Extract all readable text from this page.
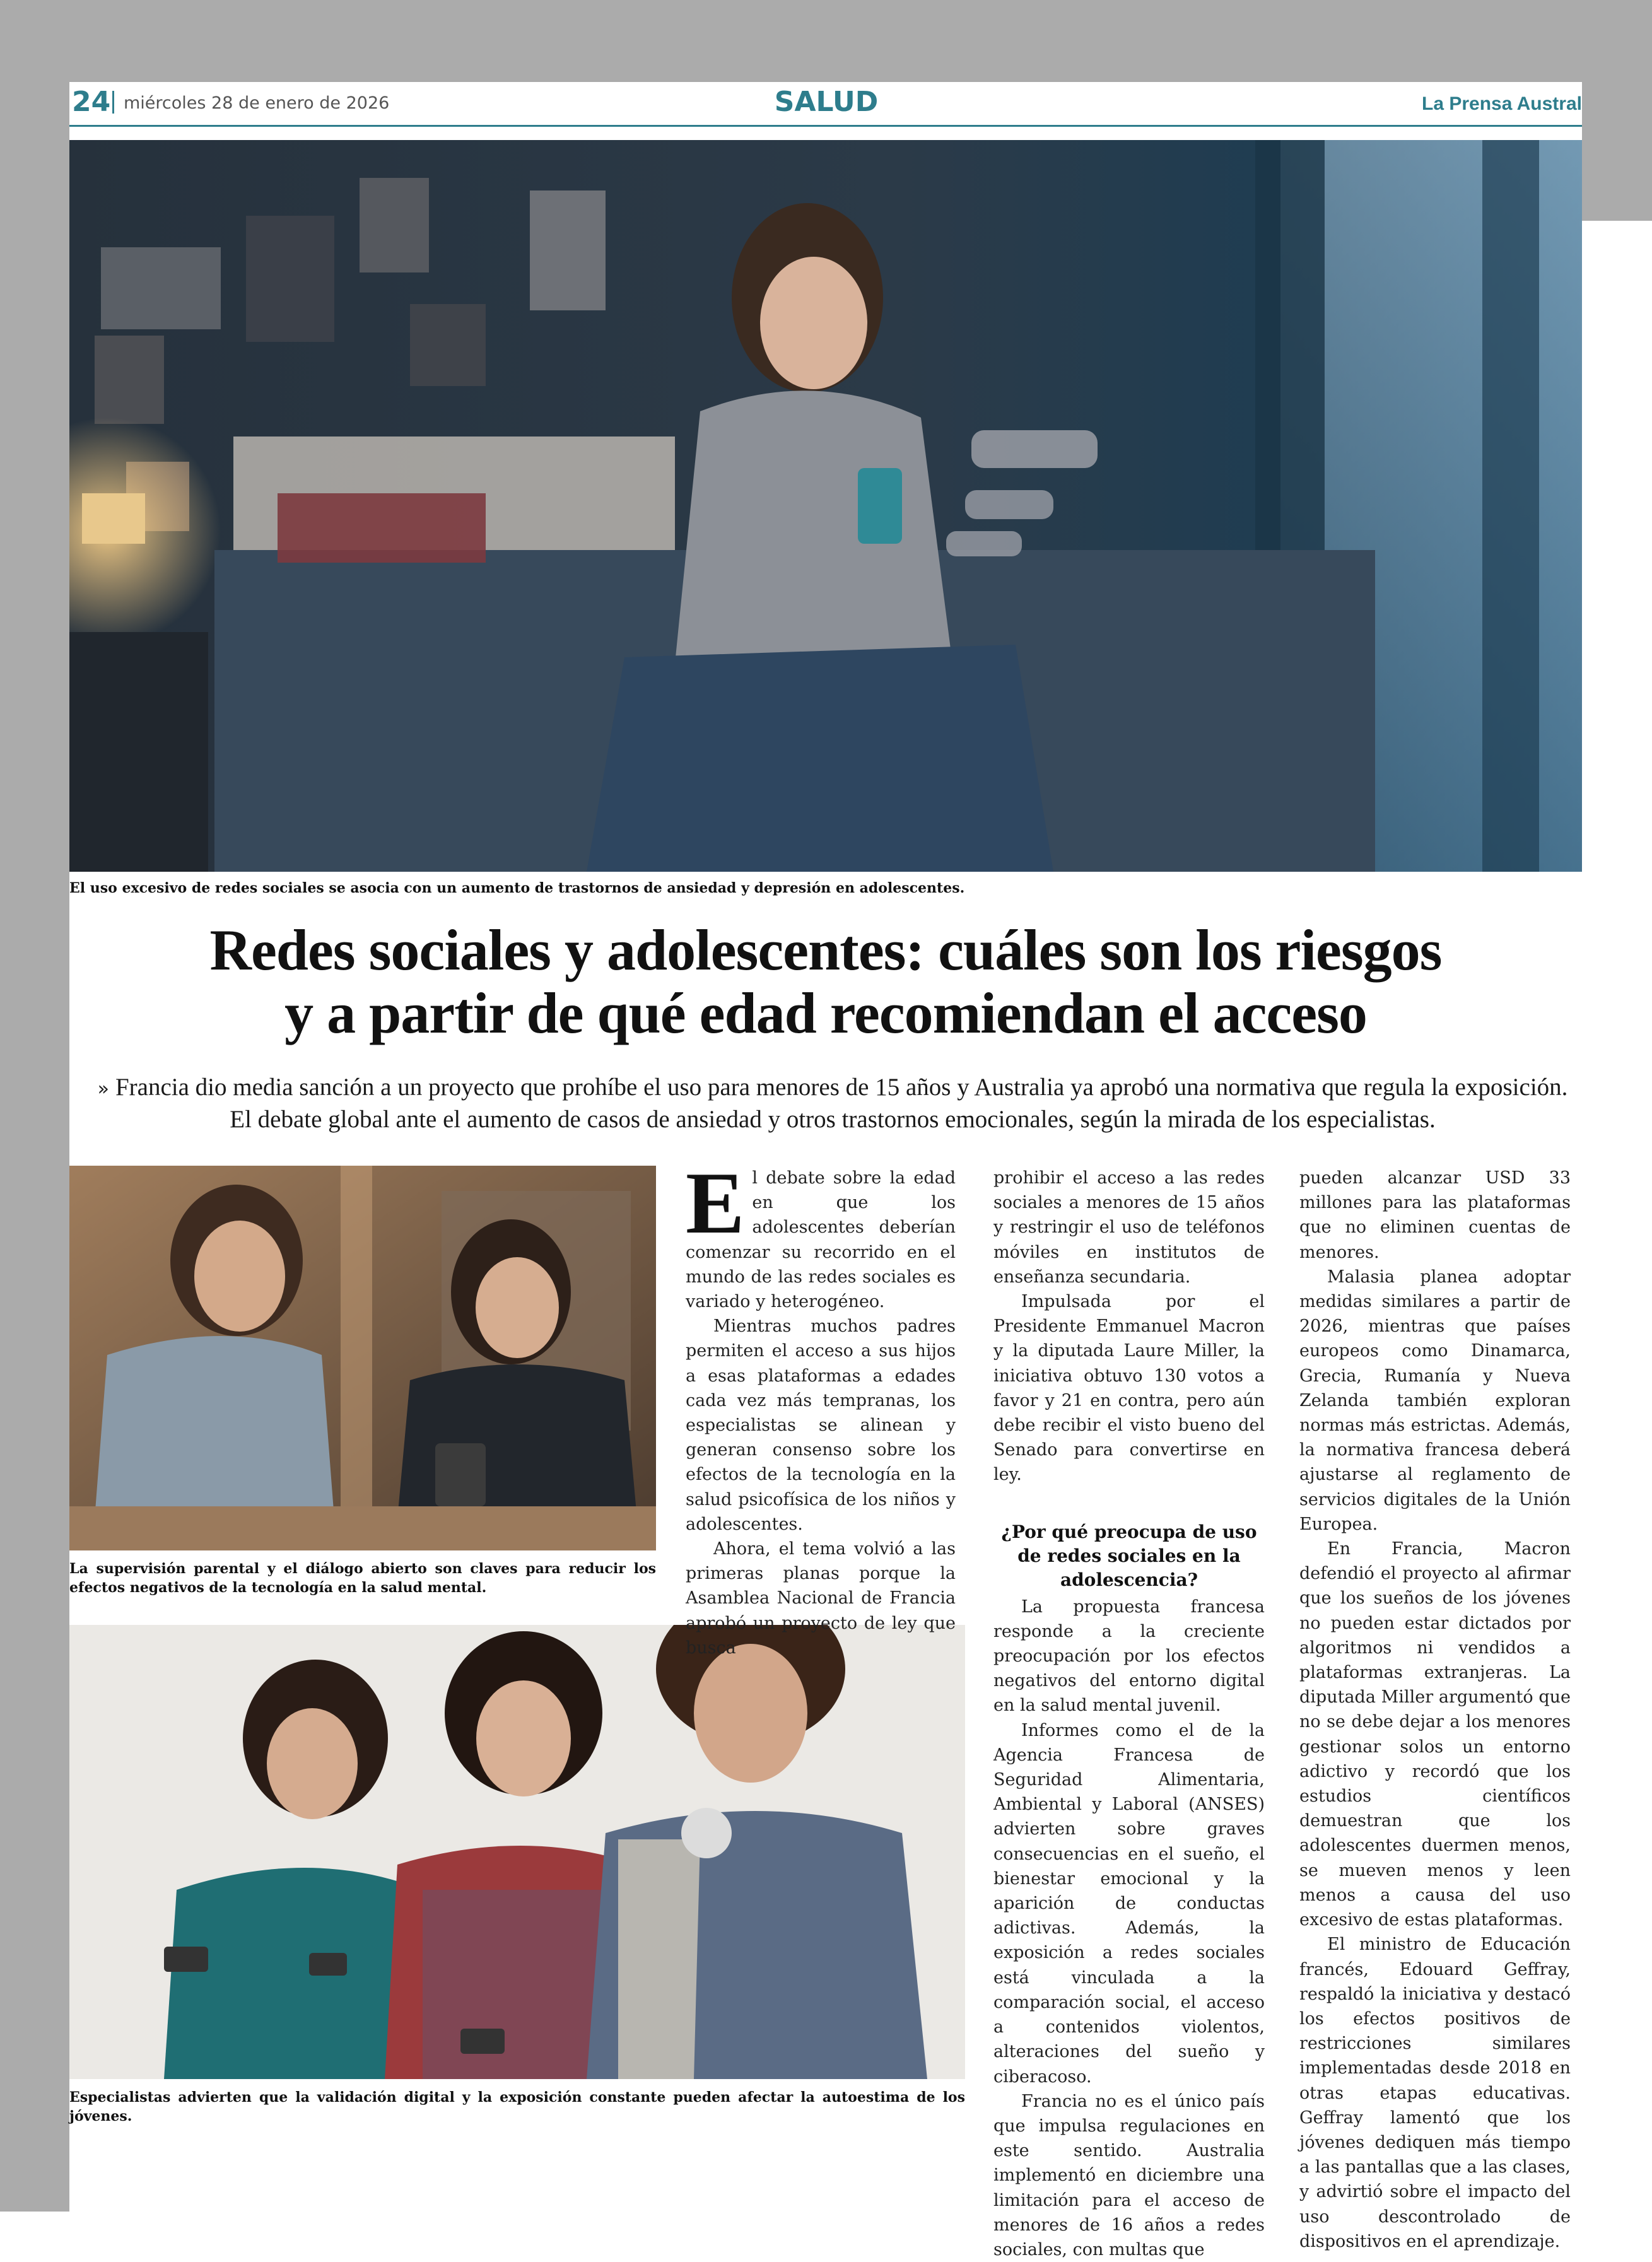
24 miércoles 28 de enero de 2026	SALUD	La Prensa Austral
El uso excesivo de redes sociales se asocia con un aumento de trastornos de ansiedad y depresión en adolescentes.
Redes sociales y adolescentes: cuáles son los riesgos
y a partir de qué edad recomiendan el acceso
» Francia dio media sanción a un proyecto que prohíbe el uso para menores de 15 años y Australia ya aprobó una normativa que regula la exposición. El debate global ante el aumento de casos de ansiedad y otros trastornos emocionales, según la mirada de los especialistas.
La supervisión parental y el diálogo abierto son claves para reducir los efectos negativos de la tecnología en la salud mental.
Especialistas advierten que la validación digital y la exposición constante pueden afectar la autoestima de los jóvenes.
E l debate sobre la edad en que los adolescentes deberían comenzar su recorrido en el mundo de las redes sociales es variado y heterogéneo.

Mientras muchos padres permiten el acceso a sus hijos a esas plataformas a edades cada vez más tempranas, los especialistas se alinean y generan consenso sobre los efectos de la tecnología en la salud psicofísica de los niños y adolescentes.

Ahora, el tema volvió a las primeras planas porque la Asamblea Nacional de Francia aprobó un proyecto de ley que busca

prohibir el acceso a las redes sociales a menores de 15 años y restringir el uso de teléfonos móviles en institutos de enseñanza secundaria.

Impulsada por el Presidente Emmanuel Macron y la diputada Laure Miller, la iniciativa obtuvo 130 votos a favor y 21 en contra, pero aún debe recibir el visto bueno del Senado para convertirse en ley.

¿Por qué preocupa de uso de redes sociales en la adolescencia?

La propuesta francesa responde a la creciente preocupación por los efectos negativos del entorno digital en la salud mental juvenil.

Informes como el de la Agencia Francesa de Seguridad Alimentaria, Ambiental y Laboral (ANSES) advierten sobre graves consecuencias en el sueño, el bienestar emocional y la aparición de conductas adictivas. Además, la exposición a redes sociales está vinculada a la comparación social, el acceso a contenidos violentos, alteraciones del sueño y ciberacoso.

Francia no es el único país que impulsa regulaciones en este sentido. Australia implementó en diciembre una limitación para el acceso de menores de 16 años a redes sociales, con multas que

pueden alcanzar USD 33 millones para las plataformas que no eliminen cuentas de menores.

Malasia planea adoptar medidas similares a partir de 2026, mientras que países europeos como Dinamarca, Grecia, Rumanía y Nueva Zelanda también exploran normas más estrictas. Además, la normativa francesa deberá ajustarse al reglamento de servicios digitales de la Unión Europea.

En Francia, Macron defendió el proyecto al afirmar que los sueños de los jóvenes no pueden estar dictados por algoritmos ni vendidos a plataformas extranjeras. La diputada Miller argumentó que no se debe dejar a los menores gestionar solos un entorno adictivo y recordó que los estudios científicos demuestran que los adolescentes duermen menos, se mueven menos y leen menos a causa del uso excesivo de estas plataformas.

El ministro de Educación francés, Edouard Geffray, respaldó la iniciativa y destacó los efectos positivos de restricciones similares implementadas desde 2018 en otras etapas educativas. Geffray lamentó que los jóvenes dediquen más tiempo a las pantallas que a las clases, y advirtió sobre el impacto del uso descontrolado de dispositivos en el aprendizaje.
